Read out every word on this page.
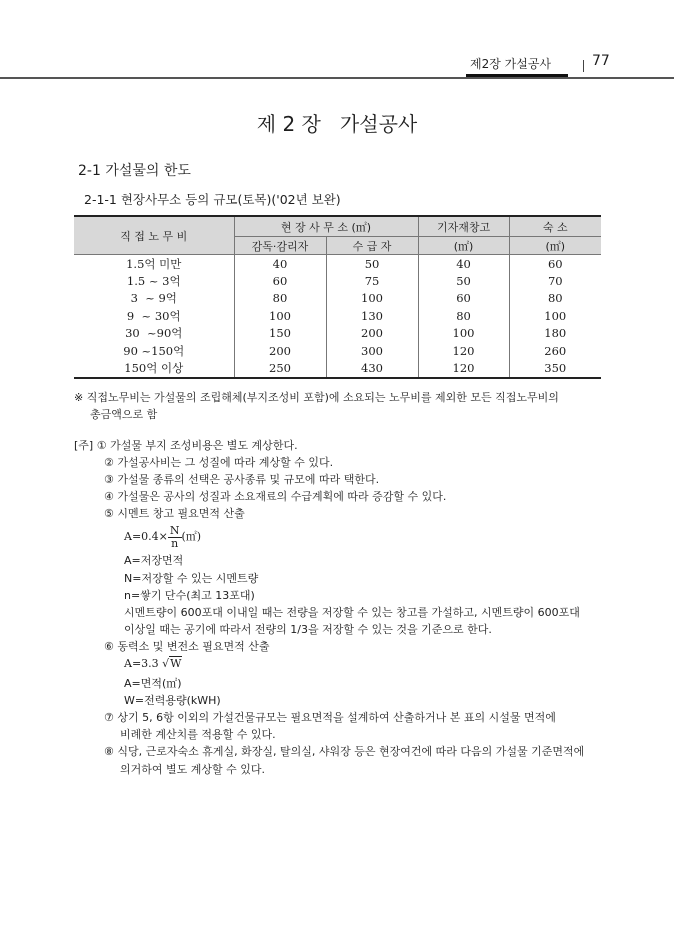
제2장 가설공사	77
제 2 장   가설공사
2-1 가설물의 한도
2-1-1 현장사무소 등의 규모(토목)('02년 보완)
직 접 노 무 비	현 장 사 무 소 (㎡)		기자재창고	숙 소
	감독·감리자	수 급 자	(㎡)	(㎡)
1.5억 미만	40	50	40	60
1.5 ~ 3억	60	75	50	70
3  ~ 9억	80	100	60	80
9  ~ 30억	100	130	80	100
30  ~90억	150	200	100	180
90 ~150억	200	300	120	260
150억 이상	250	430	120	350
※ 직접노무비는 가설물의 조립해체(부지조성비 포함)에 소요되는 노무비를 제외한 모든 직접노무비의
총금액으로 함
[주] ① 가설물 부지 조성비용은 별도 계상한다.
② 가설공사비는 그 성질에 따라 계상할 수 있다.
③ 가설물 종류의 선택은 공사종류 및 규모에 따라 택한다.
④ 가설물은 공사의 성질과 소요재료의 수급계획에 따라 증감할 수 있다.
⑤ 시멘트 창고 필요면적 산출
$A=0.4\times \frac{N}{n}$ (㎡)
A=저장면적
N=저장할 수 있는 시멘트량
n=쌓기 단수(최고 13포대)
시멘트량이 600포대 이내일 때는 전량을 저장할 수 있는 창고를 가설하고, 시멘트량이 600포대
이상일 때는 공기에 따라서 전량의 1/3을 저장할 수 있는 것을 기준으로 한다.
⑥ 동력소 및 변전소 필요면적 산출
A=3.3 √W
A=면적(㎡)
W=전력용량(kWH)
⑦ 상기 5, 6항 이외의 가설건물규모는 필요면적을 설계하여 산출하거나 본 표의 시설물 면적에
비례한 계산치를 적용할 수 있다.
⑧ 식당, 근로자숙소 휴게실, 화장실, 탈의실, 샤워장 등은 현장여건에 따라 다음의 가설물 기준면적에
의거하여 별도 계상할 수 있다.
